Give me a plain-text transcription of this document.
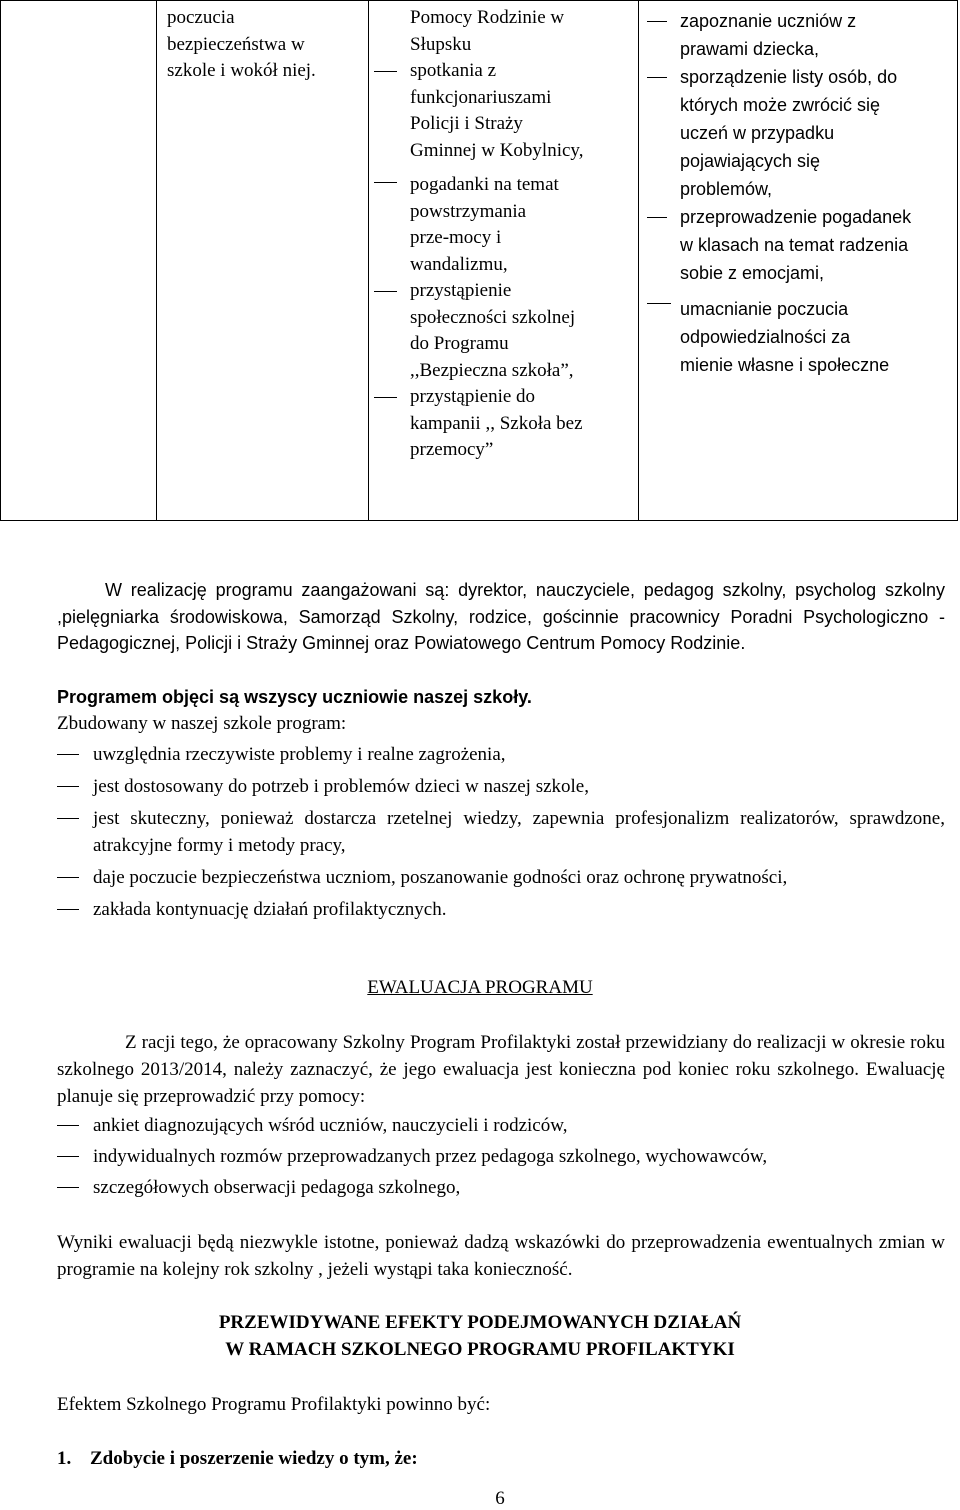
poczucia
bezpieczeństwa w
szkole i wokół niej.
Pomocy Rodzinie w
Słupsku
spotkania z
funkcjonariuszami
Policji i Straży
Gminnej w Kobylnicy,
pogadanki na temat
powstrzymania
prze-mocy i
wandalizmu,
przystąpienie
społeczności szkolnej
do Programu
,,Bezpieczna szkoła”,
przystąpienie do
kampanii ,, Szkoła bez
przemocy”
zapoznanie uczniów z
prawami dziecka,
sporządzenie listy osób, do
których może zwrócić się
uczeń w przypadku
pojawiających się
problemów,
przeprowadzenie pogadanek
w klasach na temat radzenia
sobie z emocjami,
umacnianie poczucia
odpowiedzialności za
mienie własne i społeczne
W realizację programu zaangażowani są: dyrektor, nauczyciele, pedagog szkolny, psycholog szkolny ,pielęgniarka środowiskowa, Samorząd Szkolny, rodzice, gościnnie pracownicy Poradni Psychologiczno - Pedagogicznej, Policji i Straży Gminnej oraz Powiatowego Centrum Pomocy Rodzinie.
Programem objęci są wszyscy uczniowie naszej szkoły.
Zbudowany w naszej szkole program:
uwzględnia rzeczywiste problemy i realne zagrożenia,
jest dostosowany do potrzeb i problemów dzieci w naszej szkole,
jest skuteczny, ponieważ dostarcza rzetelnej wiedzy, zapewnia profesjonalizm realizatorów, sprawdzone, atrakcyjne formy i metody pracy,
daje poczucie bezpieczeństwa uczniom, poszanowanie godności oraz ochronę prywatności,
zakłada kontynuację działań profilaktycznych.
EWALUACJA PROGRAMU
Z racji tego, że opracowany Szkolny Program Profilaktyki został przewidziany do realizacji w okresie roku szkolnego 2013/2014, należy zaznaczyć, że jego ewaluacja jest konieczna pod koniec roku szkolnego. Ewaluację planuje się przeprowadzić przy pomocy:
ankiet diagnozujących wśród uczniów, nauczycieli i rodziców,
indywidualnych rozmów przeprowadzanych przez pedagoga szkolnego, wychowawców,
szczegółowych obserwacji pedagoga szkolnego,
Wyniki ewaluacji będą niezwykle istotne, ponieważ dadzą wskazówki do przeprowadzenia ewentualnych zmian w programie na kolejny rok szkolny , jeżeli wystąpi taka konieczność.
PRZEWIDYWANE EFEKTY PODEJMOWANYCH DZIAŁAŃ
W RAMACH SZKOLNEGO PROGRAMU PROFILAKTYKI
Efektem Szkolnego Programu Profilaktyki powinno być:
1. Zdobycie i poszerzenie wiedzy o tym, że:
6
